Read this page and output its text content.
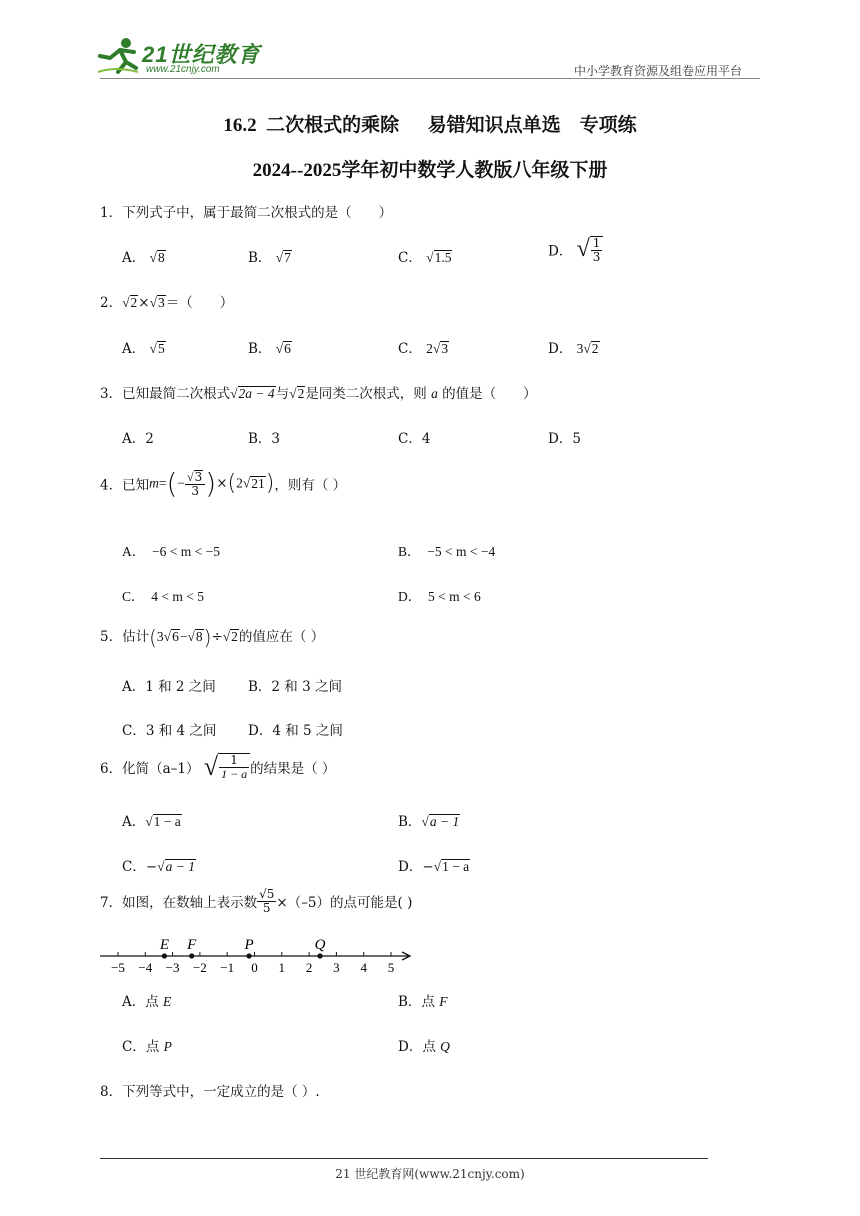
21世纪教育
www.21cnjy.com	中小学教育资源及组卷应用平台
16.2  二次根式的乘除      易错知识点单选    专项练
2024--2025学年初中数学人教版八年级下册
1．下列式子中，属于最简二次根式的是（　　）
A． √8	B． √7	C． √1.5	D． √ $\frac{1}{3}$
2．√2×√3＝（　　）
A． √5	B． √6	C． 2√3	D． 3√2
3．已知最简二次根式√2a − 4与√2是同类二次根式，则 a 的值是（　　）
A．2	B．3	C．4	D．5
4．已知$m=(- \frac{√3}{3} )\times(2√21)$，则有（ ）
A．  −6 < m < −5	B．  −5 < m < −4
C．  4 < m < 5	D．  5 < m < 6
5．估计(3√6−√8)÷√2的值应在（ ）
A．1 和 2 之间 B．2 和 3 之间
C．3 和 4 之间 D．4 和 5 之间
6．化简（a–1） √ $\frac{1}{1 - a}$ 的结果是（ ）
A．√1 − a	B．√a − 1
C．−√a − 1	D．−√1 − a
7．如图，在数轴上表示数 $\frac{√5}{5} \times(-5)$的点可能是( )
−5 −4 −3 −2 −1 0 1 2 3 4 5
E F	P	Q
A．点 E	B．点 F
C．点 P	D．点 Q
8．下列等式中，一定成立的是（ ）.
21 世纪教育网(www.21cnjy.com)
